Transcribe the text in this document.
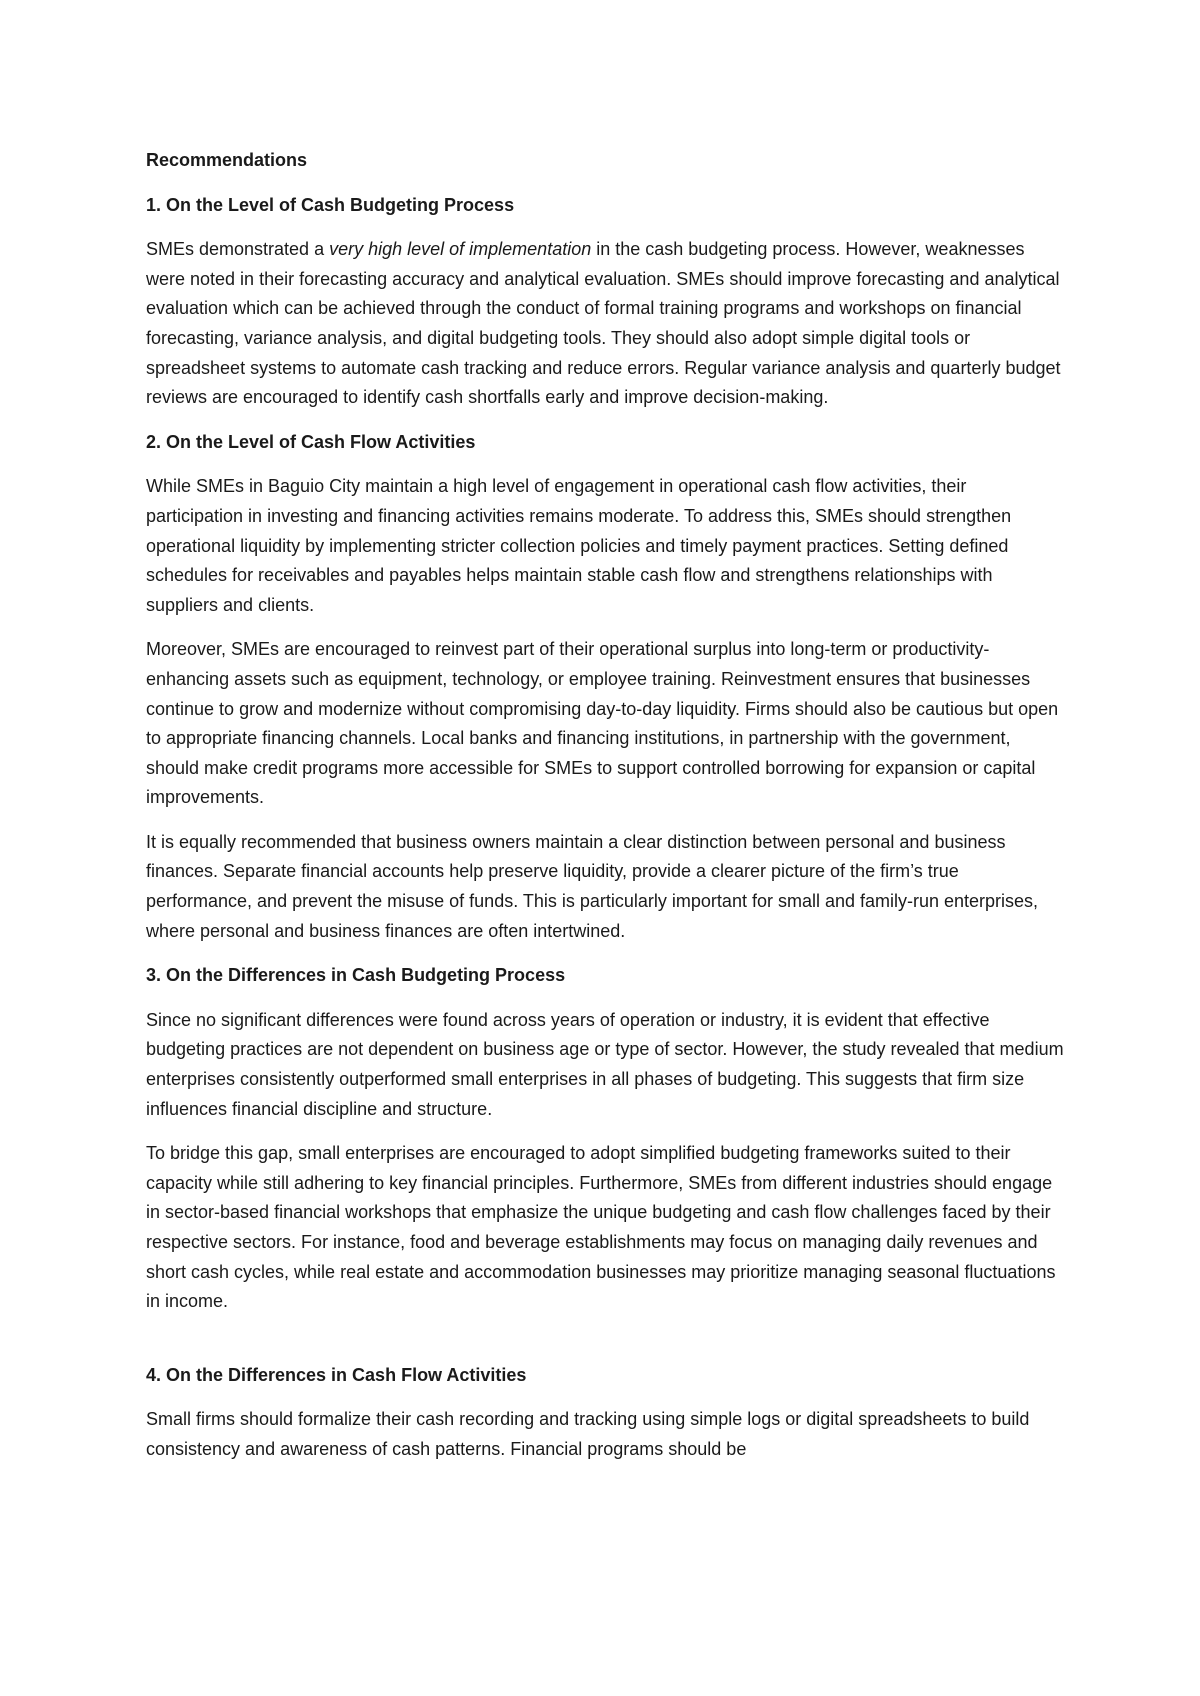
Recommendations

1. On the Level of Cash Budgeting Process

SMEs demonstrated a very high level of implementation in the cash budgeting process. However, weaknesses were noted in their forecasting accuracy and analytical evaluation. SMEs should improve forecasting and analytical evaluation which can be achieved through the conduct of formal training programs and workshops on financial forecasting, variance analysis, and digital budgeting tools. They should also adopt simple digital tools or spreadsheet systems to automate cash tracking and reduce errors. Regular variance analysis and quarterly budget reviews are encouraged to identify cash shortfalls early and improve decision-making.

2. On the Level of Cash Flow Activities

While SMEs in Baguio City maintain a high level of engagement in operational cash flow activities, their participation in investing and financing activities remains moderate. To address this, SMEs should strengthen operational liquidity by implementing stricter collection policies and timely payment practices. Setting defined schedules for receivables and payables helps maintain stable cash flow and strengthens relationships with suppliers and clients.

Moreover, SMEs are encouraged to reinvest part of their operational surplus into long-term or productivity-enhancing assets such as equipment, technology, or employee training. Reinvestment ensures that businesses continue to grow and modernize without compromising day-to-day liquidity. Firms should also be cautious but open to appropriate financing channels. Local banks and financing institutions, in partnership with the government, should make credit programs more accessible for SMEs to support controlled borrowing for expansion or capital improvements.

It is equally recommended that business owners maintain a clear distinction between personal and business finances. Separate financial accounts help preserve liquidity, provide a clearer picture of the firm’s true performance, and prevent the misuse of funds. This is particularly important for small and family-run enterprises, where personal and business finances are often intertwined.

3. On the Differences in Cash Budgeting Process

Since no significant differences were found across years of operation or industry, it is evident that effective budgeting practices are not dependent on business age or type of sector. However, the study revealed that medium enterprises consistently outperformed small enterprises in all phases of budgeting. This suggests that firm size influences financial discipline and structure.

To bridge this gap, small enterprises are encouraged to adopt simplified budgeting frameworks suited to their capacity while still adhering to key financial principles. Furthermore, SMEs from different industries should engage in sector-based financial workshops that emphasize the unique budgeting and cash flow challenges faced by their respective sectors. For instance, food and beverage establishments may focus on managing daily revenues and short cash cycles, while real estate and accommodation businesses may prioritize managing seasonal fluctuations in income.

4. On the Differences in Cash Flow Activities

Small firms should formalize their cash recording and tracking using simple logs or digital spreadsheets to build consistency and awareness of cash patterns. Financial programs should be
